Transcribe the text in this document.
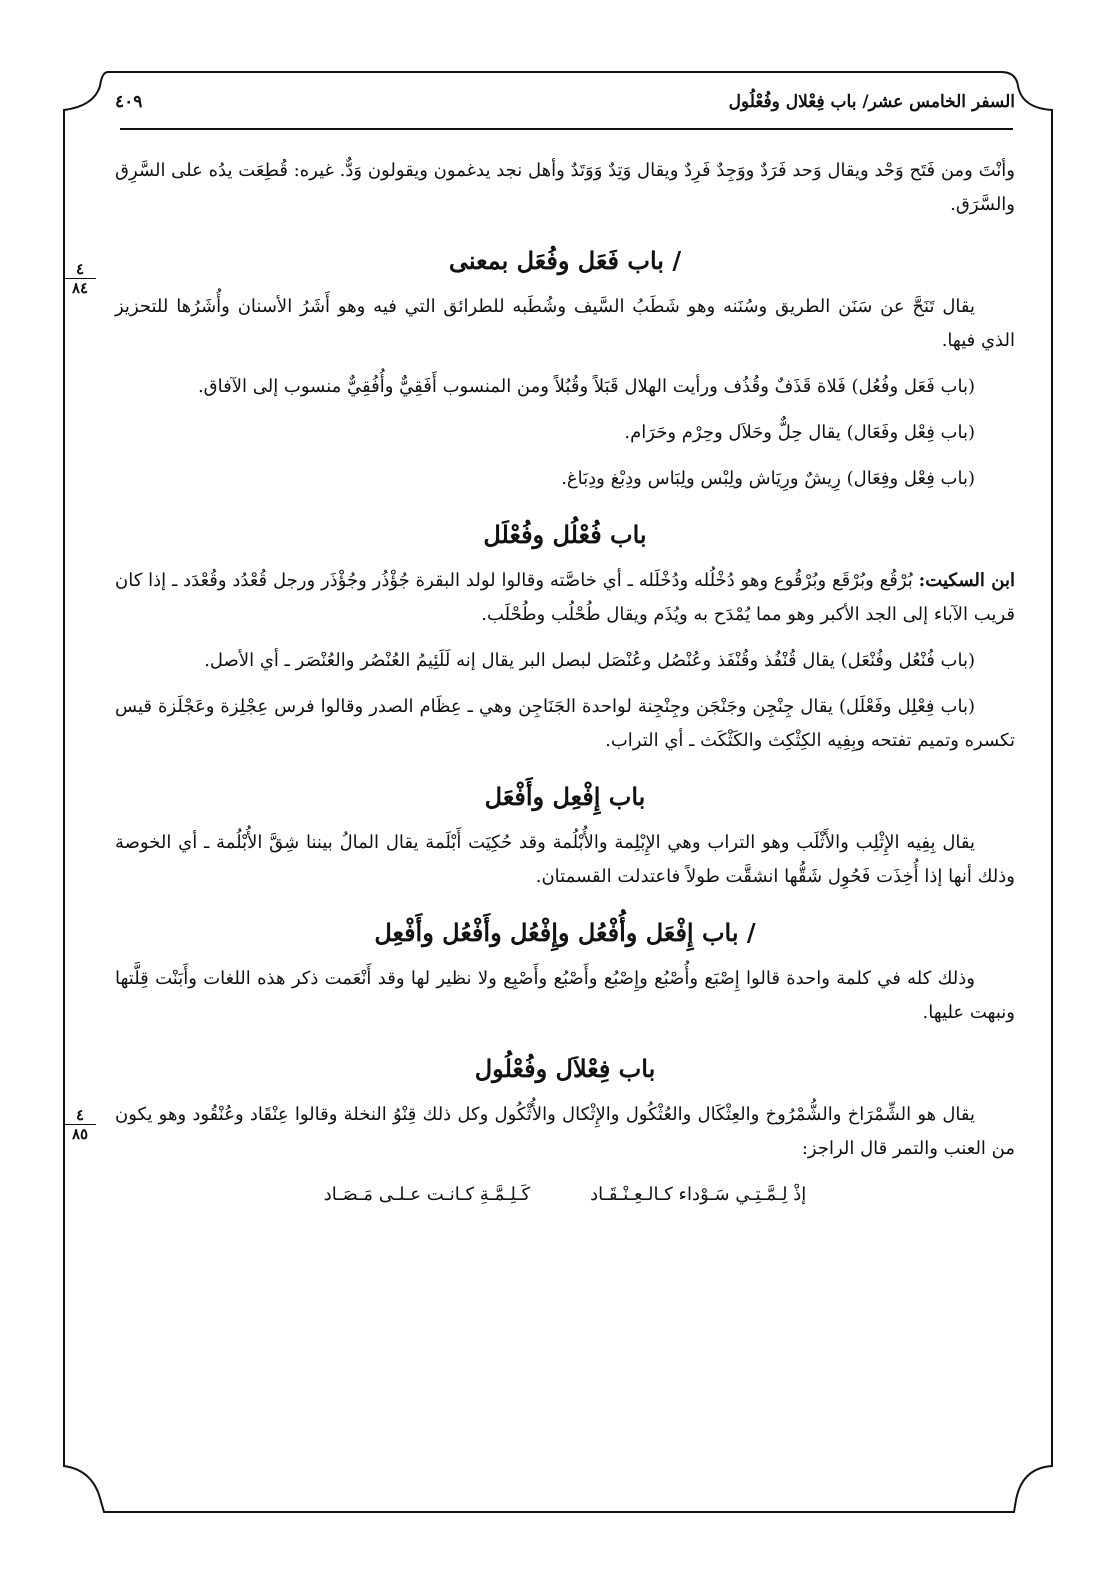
السفر الخامس عشر/ باب فِعْلال وفُعْلُول
٤٠٩

وأنْتَ ومن فَتَح وَحْد ويقال وَحد فَرَدٌ ووَجِدٌ فَرِدٌ ويقال وَتِدٌ وَوَتَدٌ وأهل نجد يدغمون ويقولون وَدٌّ. غيره: قُطِعَت يدُه على السَّرِق والسَّرَق.

/ باب فَعَل وفُعَل بمعنى

يقال تَنَحَّ عن سَنَن الطريق وسُنَنه وهو شَطَبُ السَّيف وشُطَبه للطرائق التي فيه وهو أَشَرُ الأسنان وأُشَرُها للتحزيز الذي فيها.

(باب فَعَل وفُعُل) فَلاة قَذَفٌ وقُذُف ورأيت الهلال قَبَلاً وقُبُلاً ومن المنسوب أَفَقِيٌّ وأُفُقِيٌّ منسوب إلى الآفاق.

(باب فِعْل وفَعَال) يقال حِلٌّ وحَلاَل وحِرْم وحَرَام.

(باب فِعْل وفِعَال) رِيشٌ ورِيَاش ولِبْس ولِبَاس ودِبْغ ودِبَاغ.

باب فُعْلُل وفُعْلَل

ابن السكيت: بُرْقُع وبُرْقَع وبُرْقُوع وهو دُخْلُله ودُخْلَله ـ أي خاصَّته وقالوا لولد البقرة جُؤْذُر وجُؤْذَر ورجل قُعْدُد وقُعْدَد ـ إذا كان قريب الآباء إلى الجد الأكبر وهو مما يُمْدَح به ويُذَم ويقال طُحْلُب وطُحْلَب.

(باب فُنْعُل وفُنْعَل) يقال قُنْفُذ وقُنْفَذ وعُنْصُل وعُنْصَل لبصل البر يقال إنه لَلَئِيمُ العُنْصُر والعُنْصَر ـ أي الأصل.

(باب فِعْلِل وفَعْلَل) يقال جِنْجِن وجَنْجَن وجِنْجِنة لواحدة الجَنَاجِن وهي ـ عِظَام الصدر وقالوا فرس عِجْلِزة وعَجْلَزة قيس تكسره وتميم تفتحه وبِفِيه الكِثْكِث والكَثْكَث ـ أي التراب.

باب إِفْعِل وأَفْعَل

يقال بِفِيه الإِثْلِب والأَثْلَب وهو التراب وهي الإِبْلِمة والأُبْلُمة وقد حُكِيَت أَبْلَمة يقال المالُ بيننا شِقَّ الأُبْلُمة ـ أي الخوصة وذلك أنها إذا أُخِذَت فَحُوِل شَقُّها انشقَّت طولاً فاعتدلت القسمتان.

/ باب إِفْعَل وأُفْعُل وإِفْعُل وأَفْعُل وأَفْعِل

وذلك كله في كلمة واحدة قالوا إِصْبَع وأُصْبُع وإِصْبُع وأَصْبُع وأَصْبِع ولا نظير لها وقد أَنْعَمت ذكر هذه اللغات وأَبَنْت قِلَّتها ونبهت عليها.

باب فِعْلاَل وفُعْلُول

يقال هو الشِّمْرَاخ والشُّمْرُوخ والعِثْكَال والعُثْكُول والإِثْكال والأُثْكُول وكل ذلك قِنْوُ النخلة وقالوا عِنْقَاد وعُنْقُود وهو يكون من العنب والتمر قال الراجز:

إذْ لِـمَّـتِـي سَـوْداء كـالـعِـنْـقَـاد
كَـلِـمَّـةِ كـانـت عـلـى مَـصَـاد
٤
٨٤
٤
٨٥
